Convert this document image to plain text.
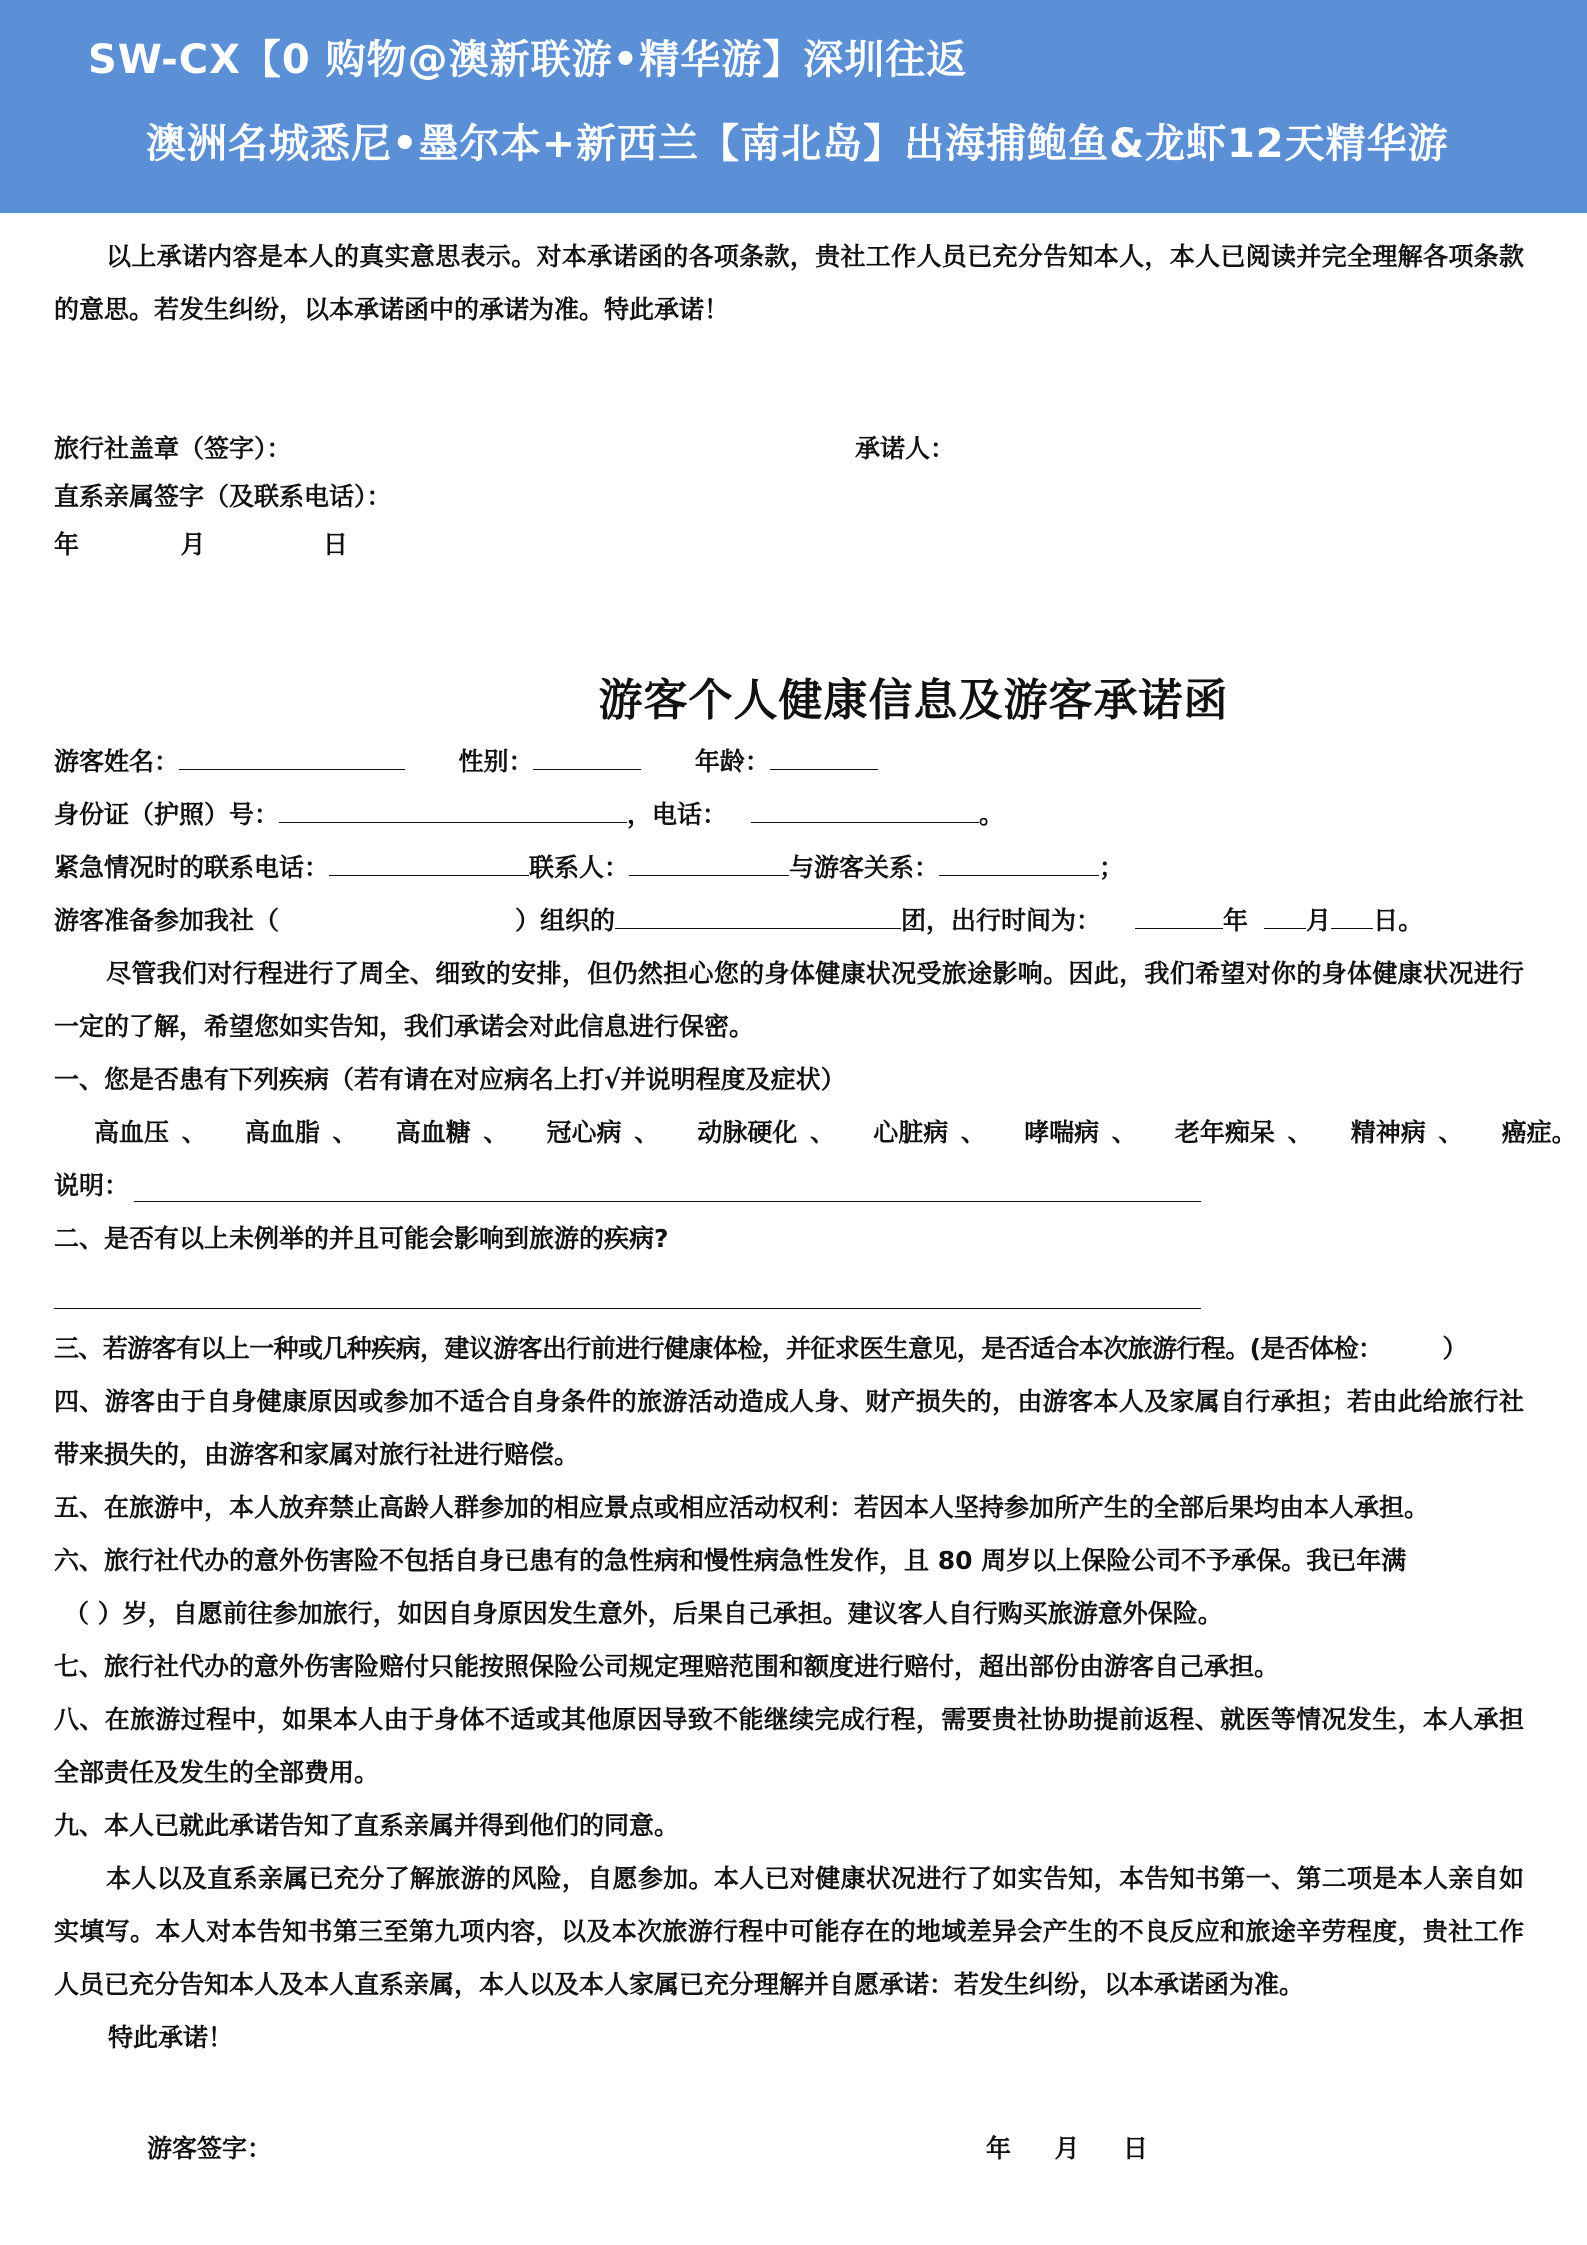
SW-CX【0 购物@澳新联游•精华游】深圳往返
澳洲名城悉尼•墨尔本+新西兰【南北岛】出海捕鲍鱼&龙虾12天精华游
以上承诺内容是本人的真实意思表示。对本承诺函的各项条款，贵社工作人员已充分告知本人，本人已阅读并完全理解各项条款的意思。若发生纠纷，以本承诺函中的承诺为准。特此承诺！
旅行社盖章（签字）：	承诺人：
直系亲属签字（及联系电话）：
年	月	日
游客个人健康信息及游客承诺函
游客姓名：	性别：	年龄：
身份证（护照）号：	，电话：	。
紧急情况时的联系电话：	联系人：	与游客关系：	；
游客准备参加我社（	）组织的	团，出行时间为：	年 月 日。
尽管我们对行程进行了周全、细致的安排，但仍然担心您的身体健康状况受旅途影响。因此，我们希望对你的身体健康状况进行一定的了解，希望您如实告知，我们承诺会对此信息进行保密。
一、您是否患有下列疾病（若有请在对应病名上打√并说明程度及症状）
高血压 、 高血脂 、 高血糖 、 冠心病 、 动脉硬化 、 心脏病 、 哮喘病 、 老年痴呆 、 精神病 、 癌症。
说明：
二、是否有以上未例举的并且可能会影响到旅游的疾病?
三、若游客有以上一种或几种疾病，建议游客出行前进行健康体检，并征求医生意见，是否适合本次旅游行程。(是否体检： ）
四、游客由于自身健康原因或参加不适合自身条件的旅游活动造成人身、财产损失的，由游客本人及家属自行承担；若由此给旅行社带来损失的，由游客和家属对旅行社进行赔偿。
五、在旅游中，本人放弃禁止高龄人群参加的相应景点或相应活动权利：若因本人坚持参加所产生的全部后果均由本人承担。
六、旅行社代办的意外伤害险不包括自身已患有的急性病和慢性病急性发作，且 80 周岁以上保险公司不予承保。我已年满
（ ）岁，自愿前往参加旅行，如因自身原因发生意外，后果自己承担。建议客人自行购买旅游意外保险。
七、旅行社代办的意外伤害险赔付只能按照保险公司规定理赔范围和额度进行赔付，超出部份由游客自己承担。
八、在旅游过程中，如果本人由于身体不适或其他原因导致不能继续完成行程，需要贵社协助提前返程、就医等情况发生，本人承担全部责任及发生的全部费用。
九、本人已就此承诺告知了直系亲属并得到他们的同意。
本人以及直系亲属已充分了解旅游的风险，自愿参加。本人已对健康状况进行了如实告知，本告知书第一、第二项是本人亲自如实填写。本人对本告知书第三至第九项内容，以及本次旅游行程中可能存在的地域差异会产生的不良反应和旅途辛劳程度，贵社工作人员已充分告知本人及本人直系亲属，本人以及本人家属已充分理解并自愿承诺：若发生纠纷，以本承诺函为准。
特此承诺！
游客签字：	年 月 日
